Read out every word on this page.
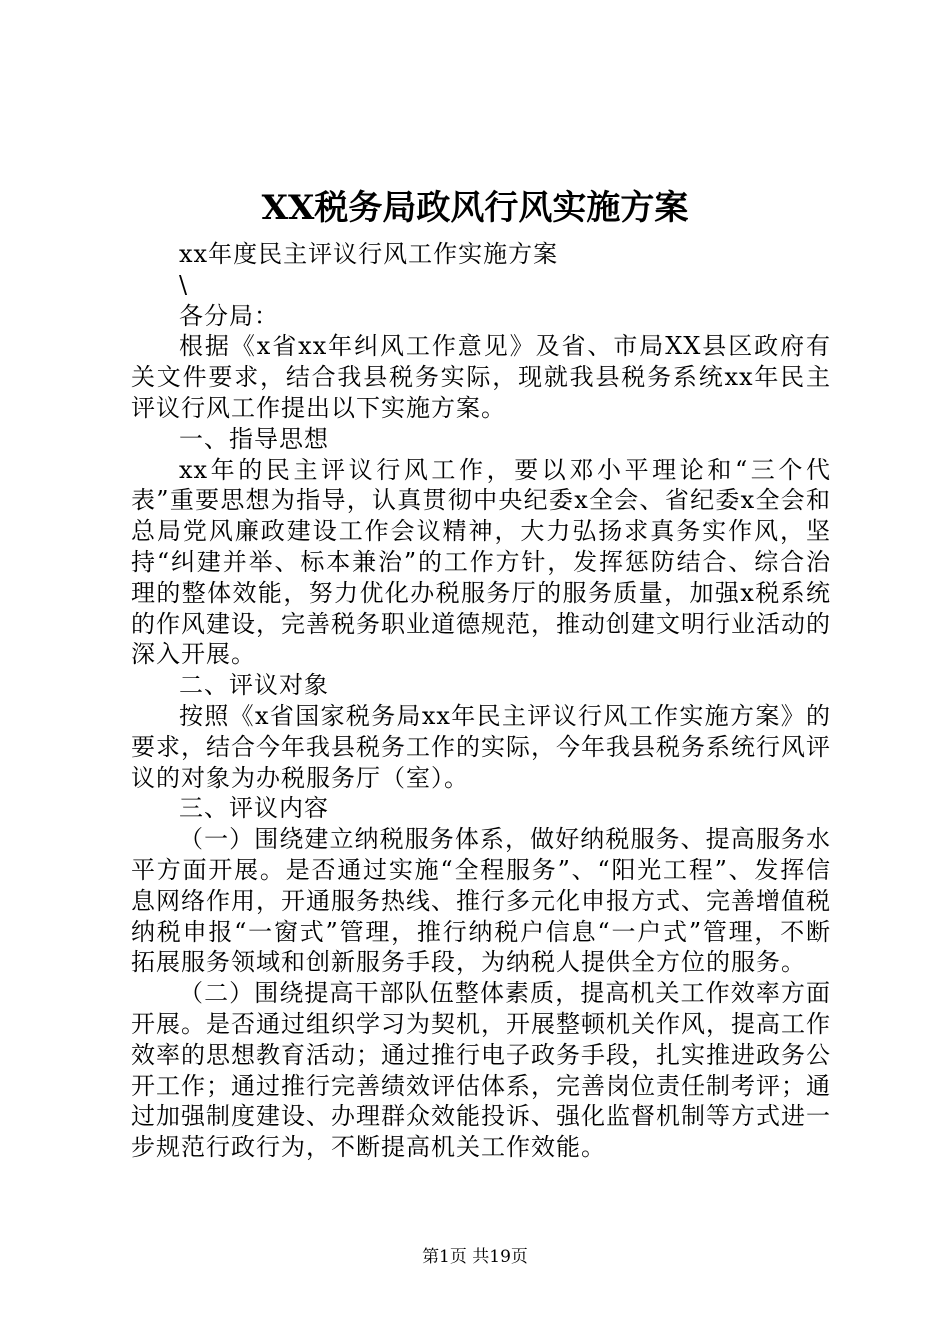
XX税务局政风行风实施方案

xx年度民主评议行风工作实施方案

\

各分局：

根据《x省xx年纠风工作意见》及省、市局XX县区政府有关文件要求，结合我县税务实际，现就我县税务系统xx年民主评议行风工作提出以下实施方案。

一、指导思想

xx年的民主评议行风工作，要以邓小平理论和“三个代表”重要思想为指导，认真贯彻中央纪委x全会、省纪委x全会和总局党风廉政建设工作会议精神，大力弘扬求真务实作风，坚持“纠建并举、标本兼治”的工作方针，发挥惩防结合、综合治理的整体效能，努力优化办税服务厅的服务质量，加强x税系统的作风建设，完善税务职业道德规范，推动创建文明行业活动的深入开展。

二、评议对象

按照《x省国家税务局xx年民主评议行风工作实施方案》的要求，结合今年我县税务工作的实际，今年我县税务系统行风评议的对象为办税服务厅（室）。

三、评议内容

（一）围绕建立纳税服务体系，做好纳税服务、提高服务水平方面开展。是否通过实施“全程服务”、“阳光工程”、发挥信息网络作用，开通服务热线、推行多元化申报方式、完善增值税纳税申报“一窗式”管理，推行纳税户信息“一户式”管理，不断拓展服务领域和创新服务手段，为纳税人提供全方位的服务。

（二）围绕提高干部队伍整体素质，提高机关工作效率方面开展。是否通过组织学习为契机，开展整顿机关作风，提高工作效率的思想教育活动；通过推行电子政务手段，扎实推进政务公开工作；通过推行完善绩效评估体系，完善岗位责任制考评；通过加强制度建设、办理群众效能投诉、强化监督机制等方式进一步规范行政行为，不断提高机关工作效能。

第1页 共19页
